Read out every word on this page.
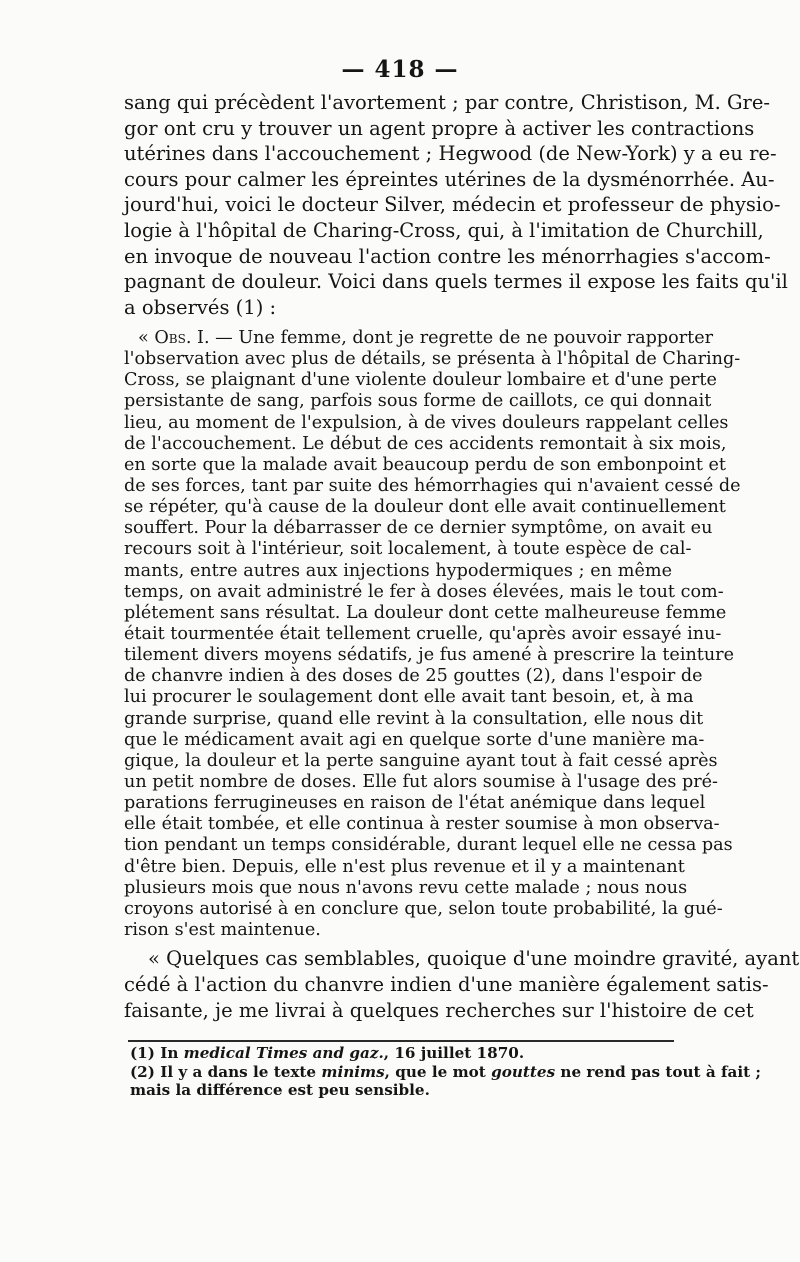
— 418 —
sang qui précèdent l'avortement ; par contre, Christison, M. Gre-
gor ont cru y trouver un agent propre à activer les contractions
utérines dans l'accouchement ; Hegwood (de New-York) y a eu re-
cours pour calmer les épreintes utérines de la dysménorrhée. Au-
jourd'hui, voici le docteur Silver, médecin et professeur de physio-
logie à l'hôpital de Charing-Cross, qui, à l'imitation de Churchill,
en invoque de nouveau l'action contre les ménorrhagies s'accom-
pagnant de douleur. Voici dans quels termes il expose les faits qu'il
a observés (1) :
« Obs. I. — Une femme, dont je regrette de ne pouvoir rapporter
l'observation avec plus de détails, se présenta à l'hôpital de Charing-
Cross, se plaignant d'une violente douleur lombaire et d'une perte
persistante de sang, parfois sous forme de caillots, ce qui donnait
lieu, au moment de l'expulsion, à de vives douleurs rappelant celles
de l'accouchement. Le début de ces accidents remontait à six mois,
en sorte que la malade avait beaucoup perdu de son embonpoint et
de ses forces, tant par suite des hémorrhagies qui n'avaient cessé de
se répéter, qu'à cause de la douleur dont elle avait continuellement
souffert. Pour la débarrasser de ce dernier symptôme, on avait eu
recours soit à l'intérieur, soit localement, à toute espèce de cal-
mants, entre autres aux injections hypodermiques ; en même
temps, on avait administré le fer à doses élevées, mais le tout com-
plétement sans résultat. La douleur dont cette malheureuse femme
était tourmentée était tellement cruelle, qu'après avoir essayé inu-
tilement divers moyens sédatifs, je fus amené à prescrire la teinture
de chanvre indien à des doses de 25 gouttes (2), dans l'espoir de
lui procurer le soulagement dont elle avait tant besoin, et, à ma
grande surprise, quand elle revint à la consultation, elle nous dit
que le médicament avait agi en quelque sorte d'une manière ma-
gique, la douleur et la perte sanguine ayant tout à fait cessé après
un petit nombre de doses. Elle fut alors soumise à l'usage des pré-
parations ferrugineuses en raison de l'état anémique dans lequel
elle était tombée, et elle continua à rester soumise à mon observa-
tion pendant un temps considérable, durant lequel elle ne cessa pas
d'être bien. Depuis, elle n'est plus revenue et il y a maintenant
plusieurs mois que nous n'avons revu cette malade ; nous nous
croyons autorisé à en conclure que, selon toute probabilité, la gué-
rison s'est maintenue.
« Quelques cas semblables, quoique d'une moindre gravité, ayant
cédé à l'action du chanvre indien d'une manière également satis-
faisante, je me livrai à quelques recherches sur l'histoire de cet
(1) In medical Times and gaz., 16 juillet 1870.
(2) Il y a dans le texte minims, que le mot gouttes ne rend pas tout à fait ;
mais la différence est peu sensible.
